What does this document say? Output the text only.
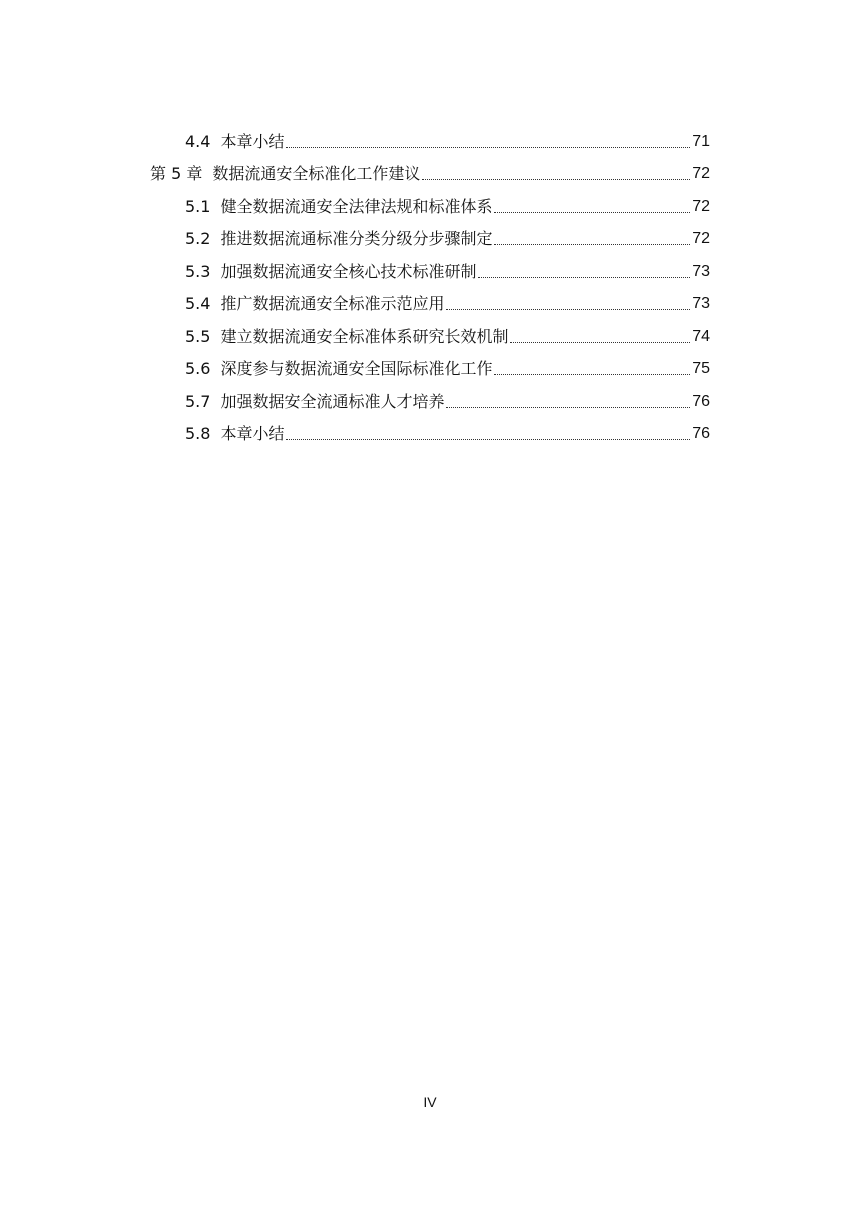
4.4 本章小结	71
第 5 章 数据流通安全标准化工作建议	72
5.1 健全数据流通安全法律法规和标准体系	72
5.2 推进数据流通标准分类分级分步骤制定	72
5.3 加强数据流通安全核心技术标准研制	73
5.4 推广数据流通安全标准示范应用	73
5.5 建立数据流通安全标准体系研究长效机制	74
5.6 深度参与数据流通安全国际标准化工作	75
5.7 加强数据安全流通标准人才培养	76
5.8 本章小结	76
IV
